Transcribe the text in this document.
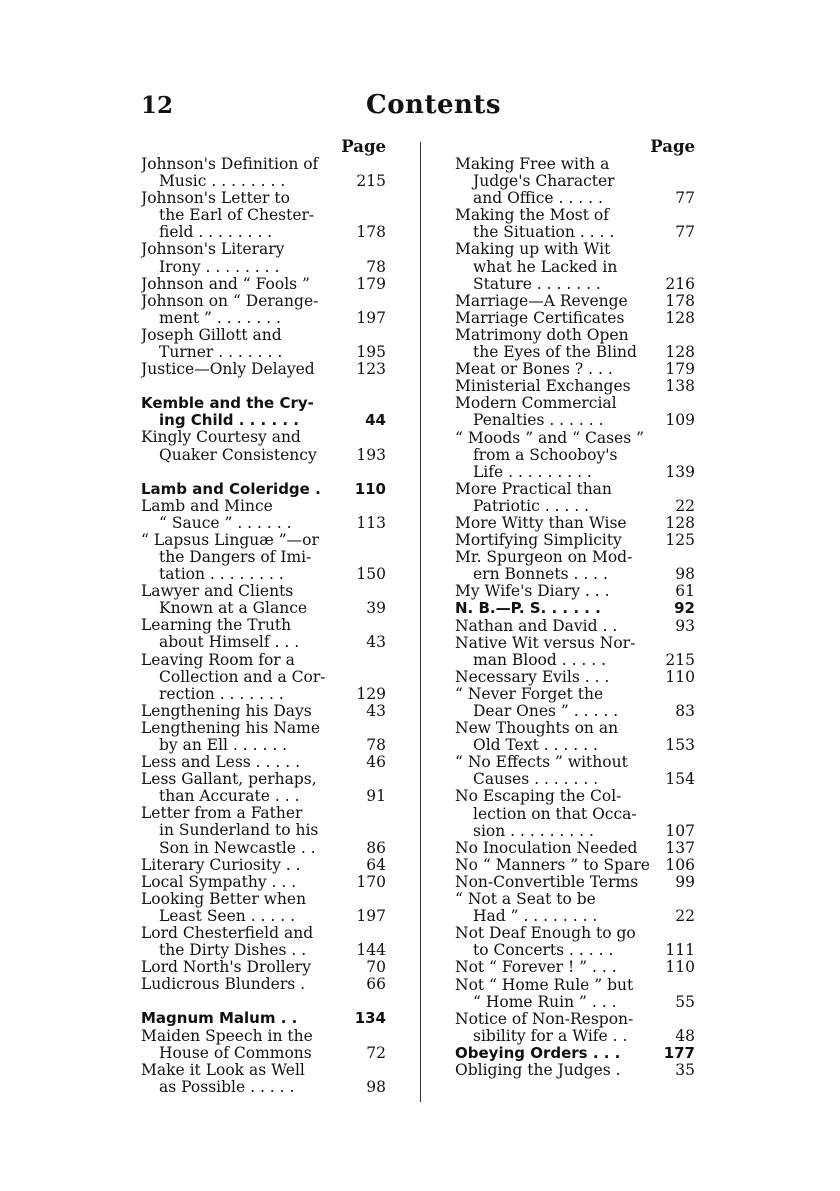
12	Contents
Page
Johnson's Definition of
Music . . . . . . . .	215
Johnson's Letter to
the Earl of Chester-
field . . . . . . . .	178
Johnson's Literary
Irony . . . . . . . .	78
Johnson and “ Fools ”	179
Johnson on “ Derange-
ment ” . . . . . . .	197
Joseph Gillott and
Turner . . . . . . .	195
Justice—Only Delayed	123
Kemble and the Cry-
ing Child . . . . . .	44
Kingly Courtesy and
Quaker Consistency	193
Lamb and Coleridge .	110
Lamb and Mince
“ Sauce ” . . . . . .	113
“ Lapsus Linguæ ”—or
the Dangers of Imi-
tation . . . . . . . .	150
Lawyer and Clients
Known at a Glance	39
Learning the Truth
about Himself . . .	43
Leaving Room for a
Collection and a Cor-
rection . . . . . . .	129
Lengthening his Days	43
Lengthening his Name
by an Ell . . . . . .	78
Less and Less . . . . .	46
Less Gallant, perhaps,
than Accurate . . .	91
Letter from a Father
in Sunderland to his
Son in Newcastle . .	86
Literary Curiosity . .	64
Local Sympathy . . .	170
Looking Better when
Least Seen . . . . .	197
Lord Chesterfield and
the Dirty Dishes . .	144
Lord North's Drollery	70
Ludicrous Blunders .	66
Magnum Malum . .	134
Maiden Speech in the
House of Commons	72
Make it Look as Well
as Possible . . . . .	98
Page
Making Free with a
Judge's Character
and Office . . . . .	77
Making the Most of
the Situation . . . .	77
Making up with Wit
what he Lacked in
Stature . . . . . . .	216
Marriage—A Revenge	178
Marriage Certificates	128
Matrimony doth Open
the Eyes of the Blind	128
Meat or Bones ? . . .	179
Ministerial Exchanges	138
Modern Commercial
Penalties . . . . . .	109
“ Moods ” and “ Cases ”
from a Schooboy's
Life . . . . . . . . .	139
More Practical than
Patriotic . . . . .	22
More Witty than Wise	128
Mortifying Simplicity	125
Mr. Spurgeon on Mod-
ern Bonnets . . . .	98
My Wife's Diary . . .	61
N. B.—P. S. . . . . .	92
Nathan and David . .	93
Native Wit versus Nor-
man Blood . . . . .	215
Necessary Evils . . .	110
“ Never Forget the
Dear Ones ” . . . . .	83
New Thoughts on an
Old Text . . . . . .	153
“ No Effects ” without
Causes . . . . . . .	154
No Escaping the Col-
lection on that Occa-
sion . . . . . . . . .	107
No Inoculation Needed	137
No “ Manners ” to Spare 106
Non-Convertible Terms	99
“ Not a Seat to be
Had ” . . . . . . . .	22
Not Deaf Enough to go
to Concerts . . . . .	111
Not “ Forever ! ” . . .	110
Not “ Home Rule ” but
“ Home Ruin ” . . .	55
Notice of Non-Respon-
sibility for a Wife . .	48
Obeying Orders . . .	177
Obliging the Judges .	35
